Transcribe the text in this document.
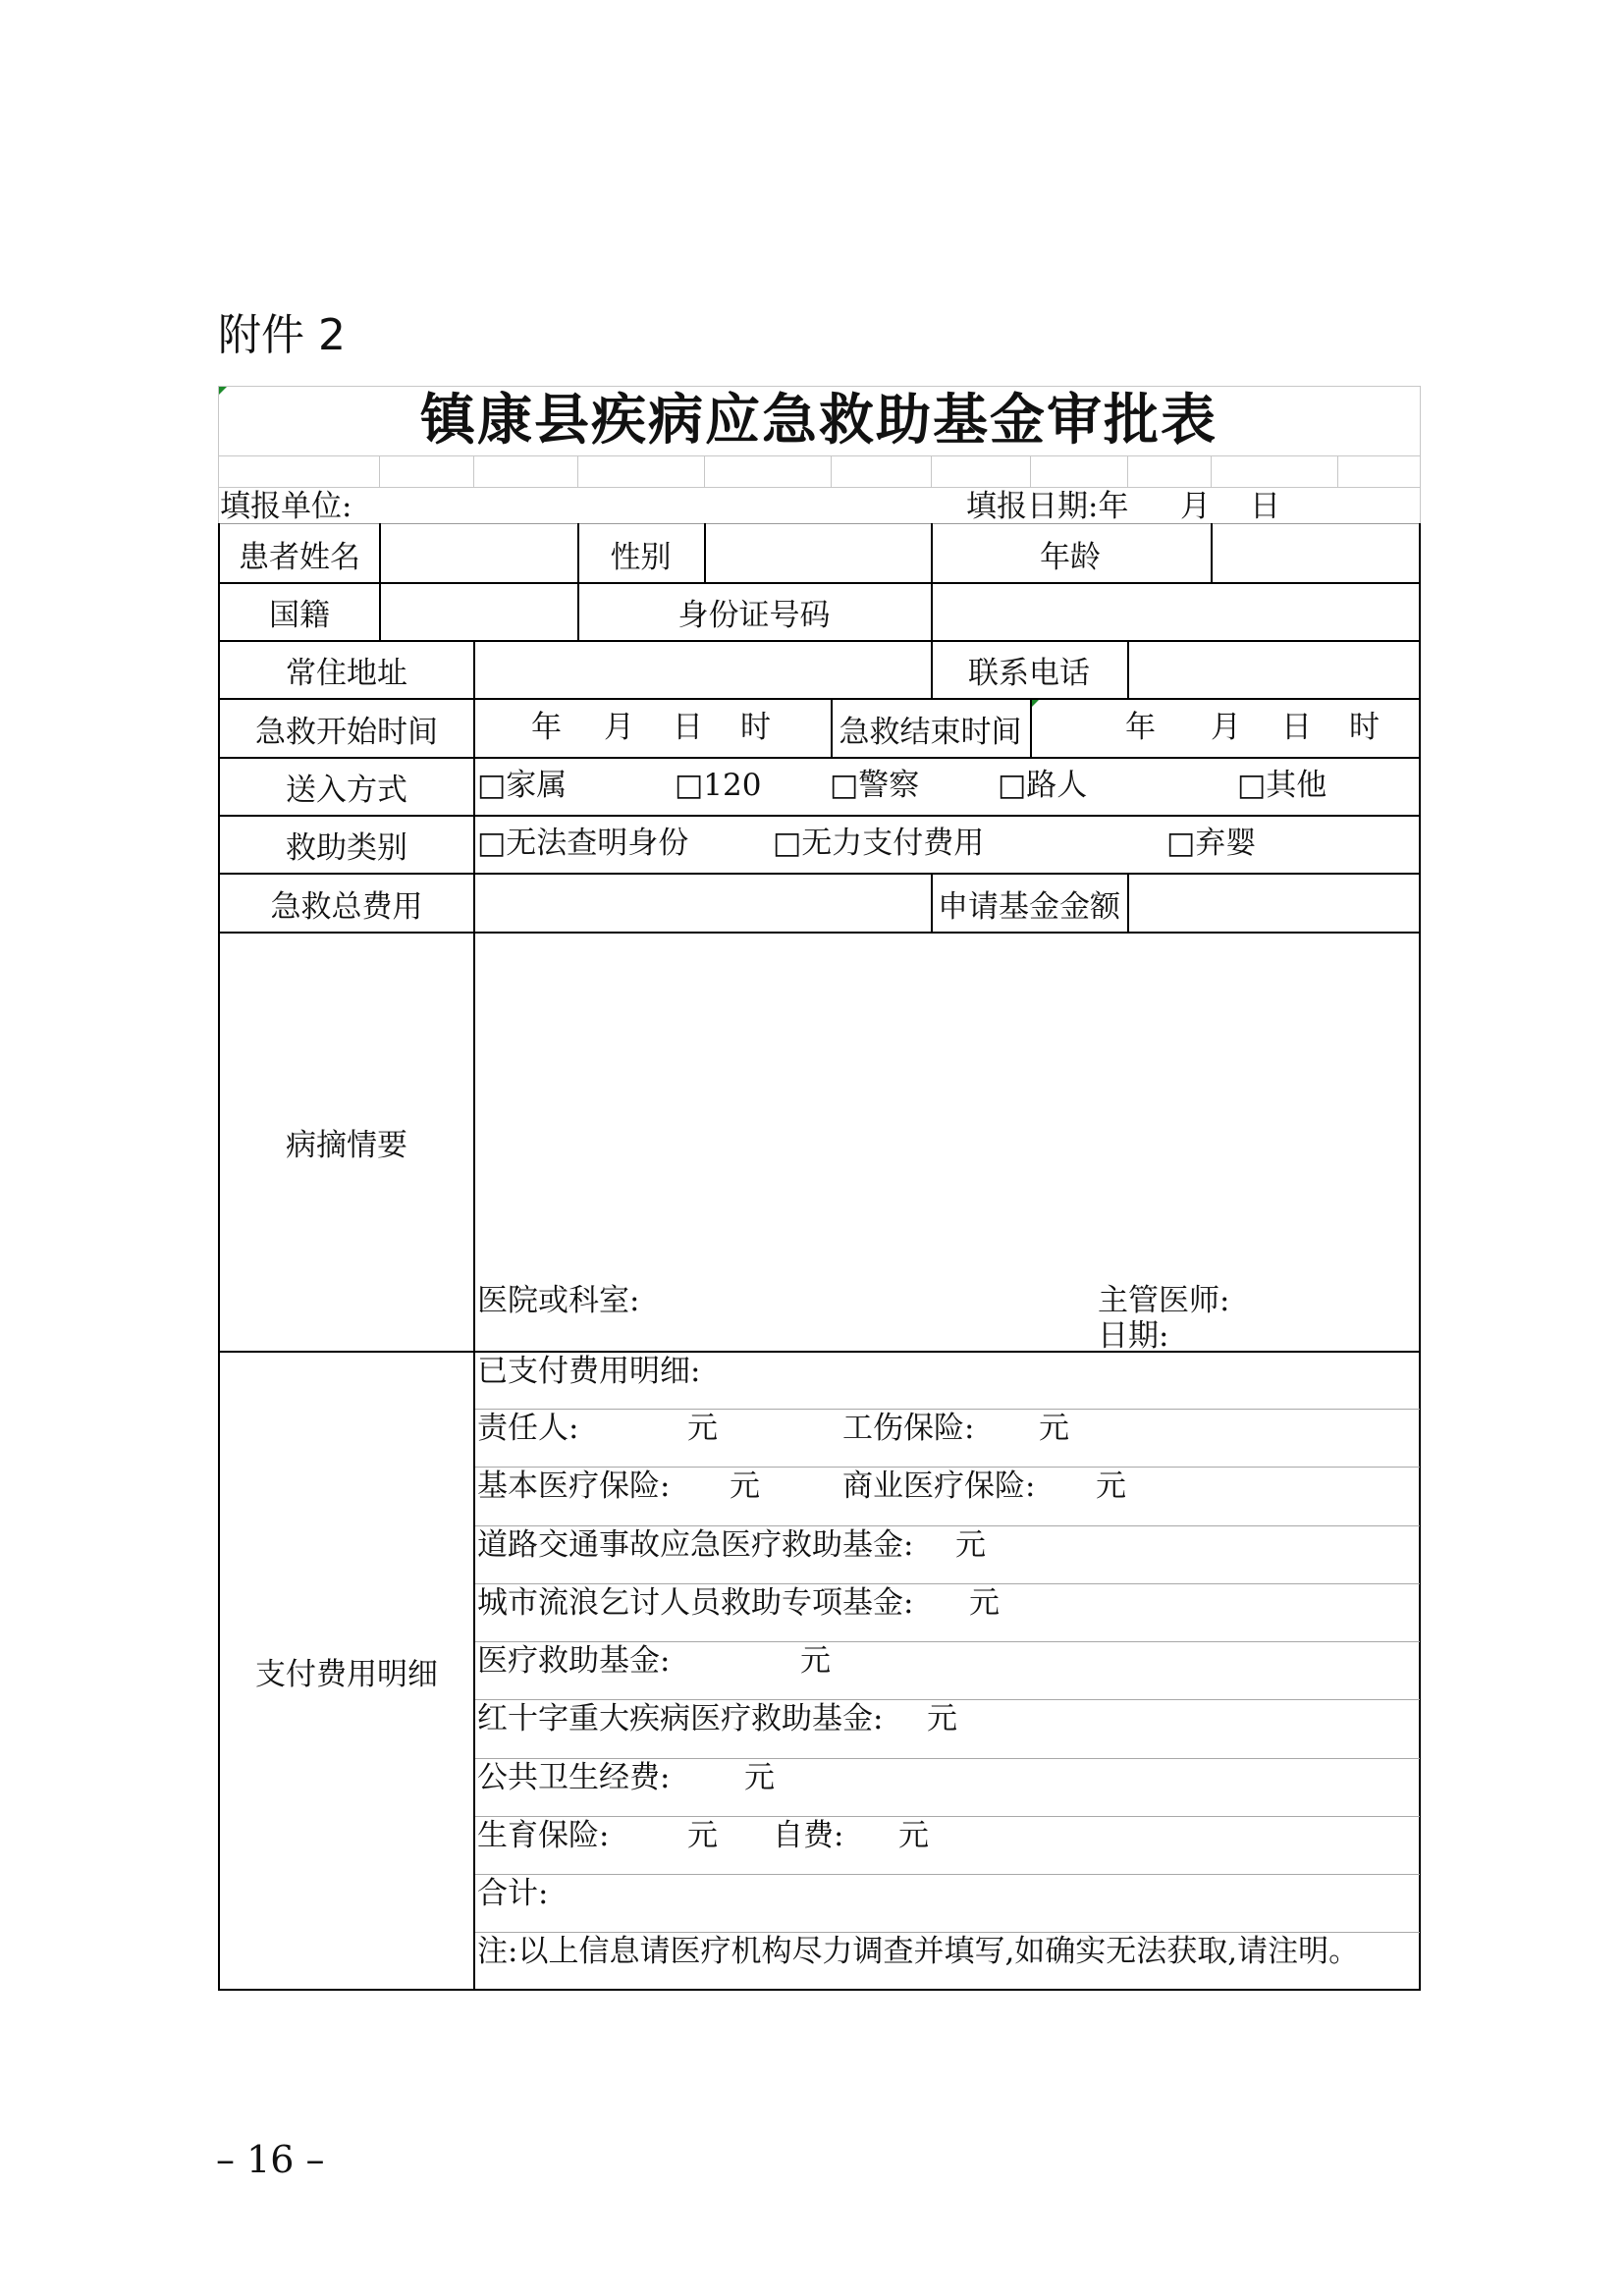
附件 2
镇康县疾病应急救助基金审批表
填报单位:	填报日期:年 月 日
患者姓名	性别	年龄
国籍	身份证号码
常住地址	联系电话
急救开始时间	年 月 日 时 急救结束时间	年 月 日 时
送入方式	□家属	□120 □警察	□路人	□其他
救助类别	□无法查明身份	□无力支付费用	□弃婴
急救总费用	申请基金金额
病摘情要
医院或科室:	主管医师:
日期:
支付费用明细
已支付费用明细:
责任人:	元	工伤保险: 元
基本医疗保险: 元	商业医疗保险: 元
道路交通事故应急医疗救助基金: 元
城市流浪乞讨人员救助专项基金: 元
医疗救助基金:	元
红十字重大疾病医疗救助基金: 元
公共卫生经费: 元
生育保险:	元 自费: 元
合计:
注:以上信息请医疗机构尽力调查并填写,如确实无法获取,请注明。
– 16 –
